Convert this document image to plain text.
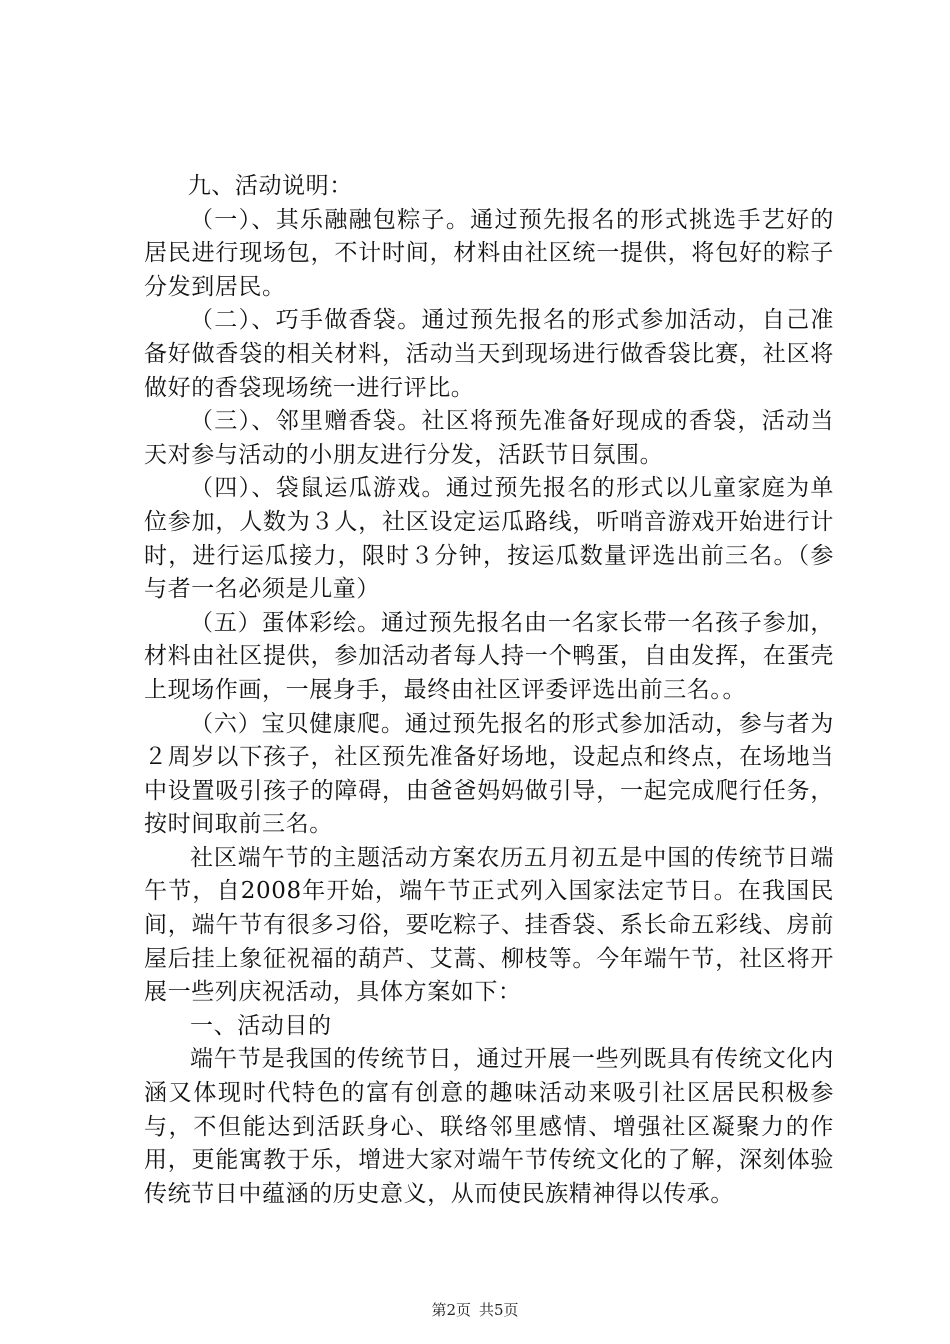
九、活动说明：

（一）、其乐融融包粽子。通过预先报名的形式挑选手艺好的居民进行现场包，不计时间，材料由社区统一提供，将包好的粽子分发到居民。

（二）、巧手做香袋。通过预先报名的形式参加活动，自己准备好做香袋的相关材料，活动当天到现场进行做香袋比赛，社区将做好的香袋现场统一进行评比。

（三）、邻里赠香袋。社区将预先准备好现成的香袋，活动当天对参与活动的小朋友进行分发，活跃节日氛围。

（四）、袋鼠运瓜游戏。通过预先报名的形式以儿童家庭为单位参加，人数为３人，社区设定运瓜路线，听哨音游戏开始进行计时，进行运瓜接力，限时３分钟，按运瓜数量评选出前三名。（参与者一名必须是儿童）

（五）蛋体彩绘。通过预先报名由一名家长带一名孩子参加，材料由社区提供，参加活动者每人持一个鸭蛋，自由发挥，在蛋壳上现场作画，一展身手，最终由社区评委评选出前三名。。

（六）宝贝健康爬。通过预先报名的形式参加活动，参与者为２周岁以下孩子，社区预先准备好场地，设起点和终点，在场地当中设置吸引孩子的障碍，由爸爸妈妈做引导，一起完成爬行任务，按时间取前三名。

社区端午节的主题活动方案农历五月初五是中国的传统节日端午节，自2008年开始，端午节正式列入国家法定节日。在我国民间，端午节有很多习俗，要吃粽子、挂香袋、系长命五彩线、房前屋后挂上象征祝福的葫芦、艾蒿、柳枝等。今年端午节，社区将开展一些列庆祝活动，具体方案如下：

一、活动目的

端午节是我国的传统节日，通过开展一些列既具有传统文化内涵又体现时代特色的富有创意的趣味活动来吸引社区居民积极参与，不但能达到活跃身心、联络邻里感情、增强社区凝聚力的作用，更能寓教于乐，增进大家对端午节传统文化的了解，深刻体验传统节日中蕴涵的历史意义，从而使民族精神得以传承。

第2页 共5页
